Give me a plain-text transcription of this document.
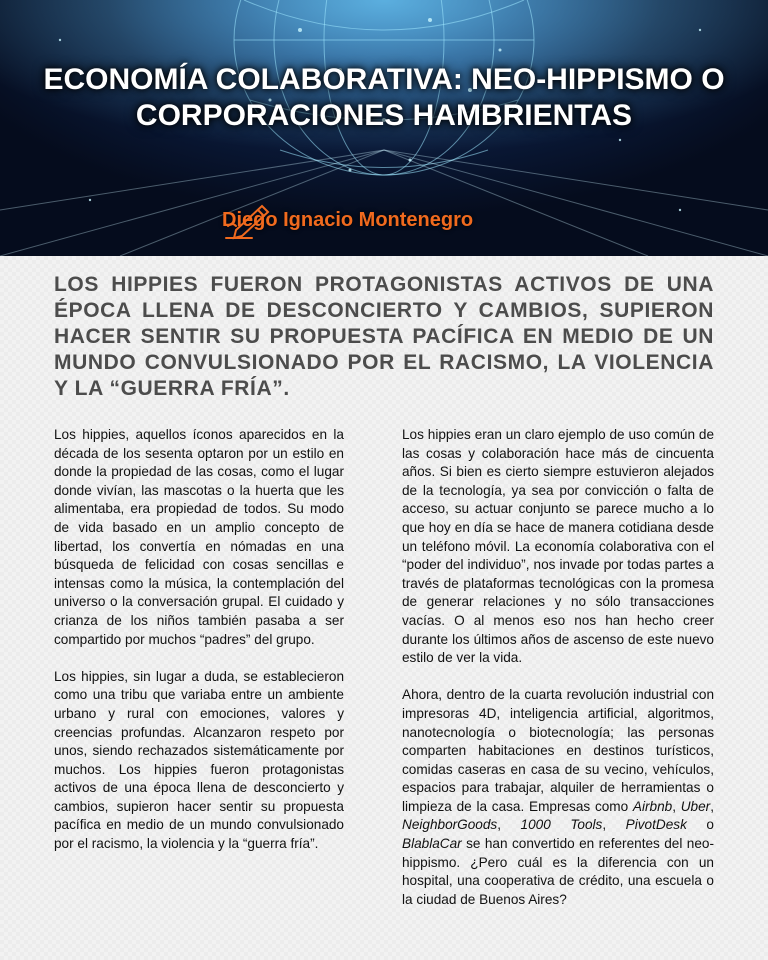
ECONOMÍA COLABORATIVA: NEO-HIPPISMO O
CORPORACIONES HAMBRIENTAS
Diego Ignacio Montenegro

LOS HIPPIES FUERON PROTAGONISTAS ACTIVOS DE UNA ÉPOCA LLENA DE DESCONCIERTO Y CAMBIOS, SUPIERON HACER SENTIR SU PROPUESTA PACÍFICA EN MEDIO DE UN MUNDO CONVULSIONADO POR EL RACISMO, LA VIOLENCIA Y LA “GUERRA FRÍA”.

Los hippies, aquellos íconos aparecidos en la década de los sesenta optaron por un estilo en donde la propiedad de las cosas, como el lugar donde vivían, las mascotas o la huerta que les alimentaba, era propiedad de todos. Su modo de vida basado en un amplio concepto de libertad, los convertía en nómadas en una búsqueda de felicidad con cosas sencillas e intensas como la música, la contemplación del universo o la conversación grupal. El cuidado y crianza de los niños también pasaba a ser compartido por muchos “padres” del grupo.

Los hippies, sin lugar a duda, se establecieron como una tribu que variaba entre un ambiente urbano y rural con emociones, valores y creencias profundas. Alcanzaron respeto por unos, siendo rechazados sistemáticamente por muchos. Los hippies fueron protagonistas activos de una época llena de desconcierto y cambios, supieron hacer sentir su propuesta pacífica en medio de un mundo convulsionado por el racismo, la violencia y la “guerra fría”.

Los hippies eran un claro ejemplo de uso común de las cosas y colaboración hace más de cincuenta años. Si bien es cierto siempre estuvieron alejados de la tecnología, ya sea por convicción o falta de acceso, su actuar conjunto se parece mucho a lo que hoy en día se hace de manera cotidiana desde un teléfono móvil. La economía colaborativa con el “poder del individuo”, nos invade por todas partes a través de plataformas tecnológicas con la promesa de generar relaciones y no sólo transacciones vacías. O al menos eso nos han hecho creer durante los últimos años de ascenso de este nuevo estilo de ver la vida.

Ahora, dentro de la cuarta revolución industrial con impresoras 4D, inteligencia artificial, algoritmos, nanotecnología o biotecnología; las personas comparten habitaciones en destinos turísticos, comidas caseras en casa de su vecino, vehículos, espacios para trabajar, alquiler de herramientas o limpieza de la casa. Empresas como Airbnb, Uber, NeighborGoods, 1000 Tools, PivotDesk o BlablaCar se han convertido en referentes del neo-hippismo. ¿Pero cuál es la diferencia con un hospital, una cooperativa de crédito, una escuela o la ciudad de Buenos Aires?
